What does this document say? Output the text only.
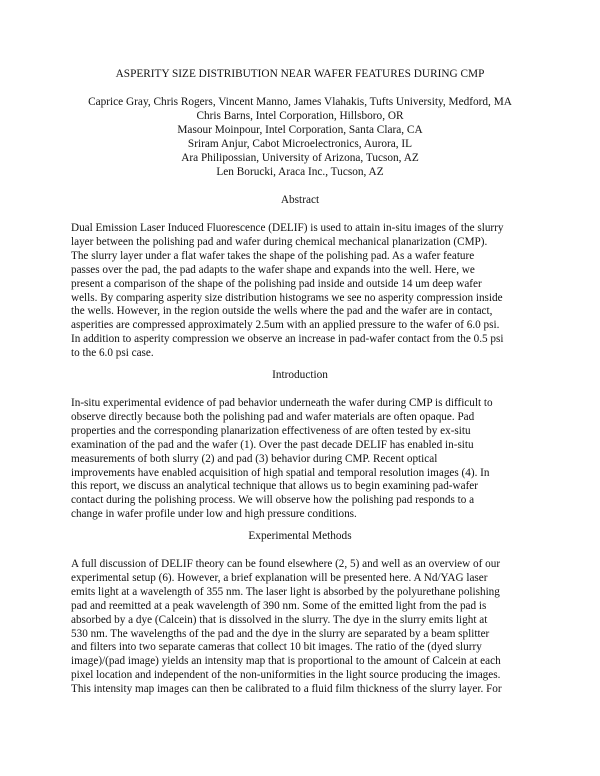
ASPERITY SIZE DISTRIBUTION NEAR WAFER FEATURES DURING CMP
Caprice Gray, Chris Rogers, Vincent Manno, James Vlahakis, Tufts University, Medford, MA
Chris Barns, Intel Corporation, Hillsboro, OR
Masour Moinpour, Intel Corporation, Santa Clara, CA
Sriram Anjur, Cabot Microelectronics, Aurora, IL
Ara Philipossian, University of Arizona, Tucson, AZ
Len Borucki, Araca Inc., Tucson, AZ
Abstract
Dual Emission Laser Induced Fluorescence (DELIF) is used to attain in-situ images of the slurry
layer between the polishing pad and wafer during chemical mechanical planarization (CMP).
The slurry layer under a flat wafer takes the shape of the polishing pad. As a wafer feature
passes over the pad, the pad adapts to the wafer shape and expands into the well. Here, we
present a comparison of the shape of the polishing pad inside and outside 14 um deep wafer
wells. By comparing asperity size distribution histograms we see no asperity compression inside
the wells. However, in the region outside the wells where the pad and the wafer are in contact,
asperities are compressed approximately 2.5um with an applied pressure to the wafer of 6.0 psi.
In addition to asperity compression we observe an increase in pad-wafer contact from the 0.5 psi
to the 6.0 psi case.
Introduction
In-situ experimental evidence of pad behavior underneath the wafer during CMP is difficult to
observe directly because both the polishing pad and wafer materials are often opaque. Pad
properties and the corresponding planarization effectiveness of are often tested by ex-situ
examination of the pad and the wafer (1). Over the past decade DELIF has enabled in-situ
measurements of both slurry (2) and pad (3) behavior during CMP. Recent optical
improvements have enabled acquisition of high spatial and temporal resolution images (4). In
this report, we discuss an analytical technique that allows us to begin examining pad-wafer
contact during the polishing process. We will observe how the polishing pad responds to a
change in wafer profile under low and high pressure conditions.
Experimental Methods
A full discussion of DELIF theory can be found elsewhere (2, 5) and well as an overview of our
experimental setup (6). However, a brief explanation will be presented here. A Nd/YAG laser
emits light at a wavelength of 355 nm. The laser light is absorbed by the polyurethane polishing
pad and reemitted at a peak wavelength of 390 nm. Some of the emitted light from the pad is
absorbed by a dye (Calcein) that is dissolved in the slurry. The dye in the slurry emits light at
530 nm. The wavelengths of the pad and the dye in the slurry are separated by a beam splitter
and filters into two separate cameras that collect 10 bit images. The ratio of the (dyed slurry
image)/(pad image) yields an intensity map that is proportional to the amount of Calcein at each
pixel location and independent of the non-uniformities in the light source producing the images.
This intensity map images can then be calibrated to a fluid film thickness of the slurry layer. For
